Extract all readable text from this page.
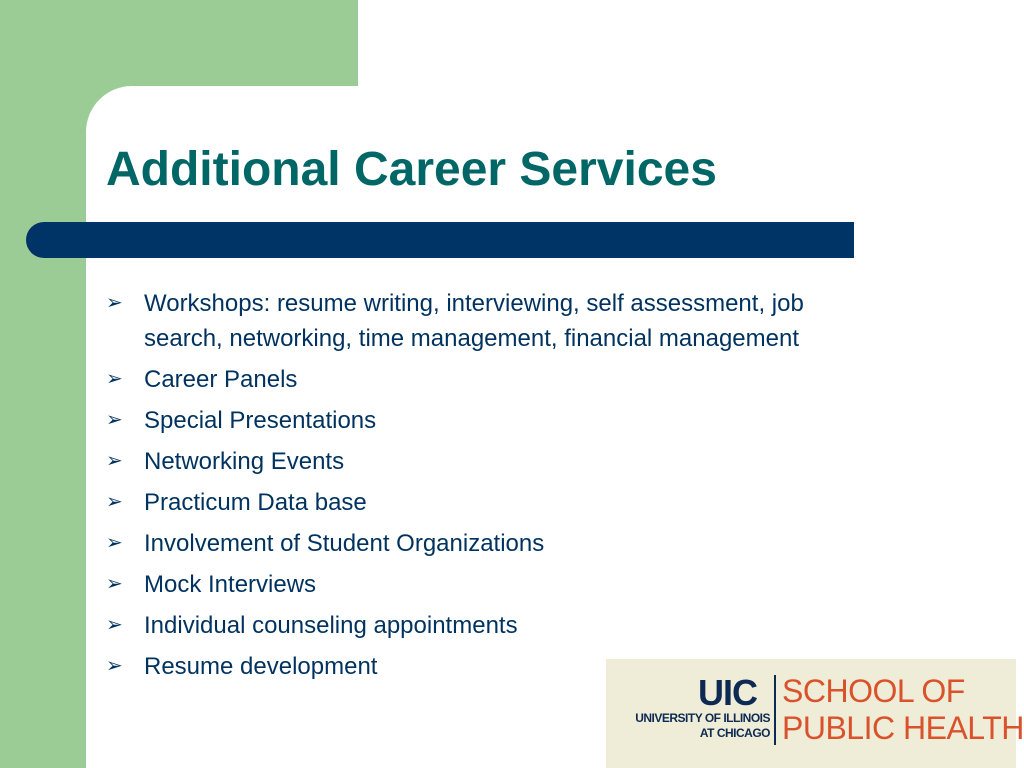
Additional Career Services
➢ Workshops: resume writing, interviewing, self assessment, job search, networking, time management, financial management
➢ Career Panels
➢ Special Presentations
➢ Networking Events
➢ Practicum Data base
➢ Involvement of Student Organizations
➢ Mock Interviews
➢ Individual counseling appointments
➢ Resume development
UIC
UNIVERSITY OF ILLINOIS
AT CHICAGO
SCHOOL OF
PUBLIC HEALTH
